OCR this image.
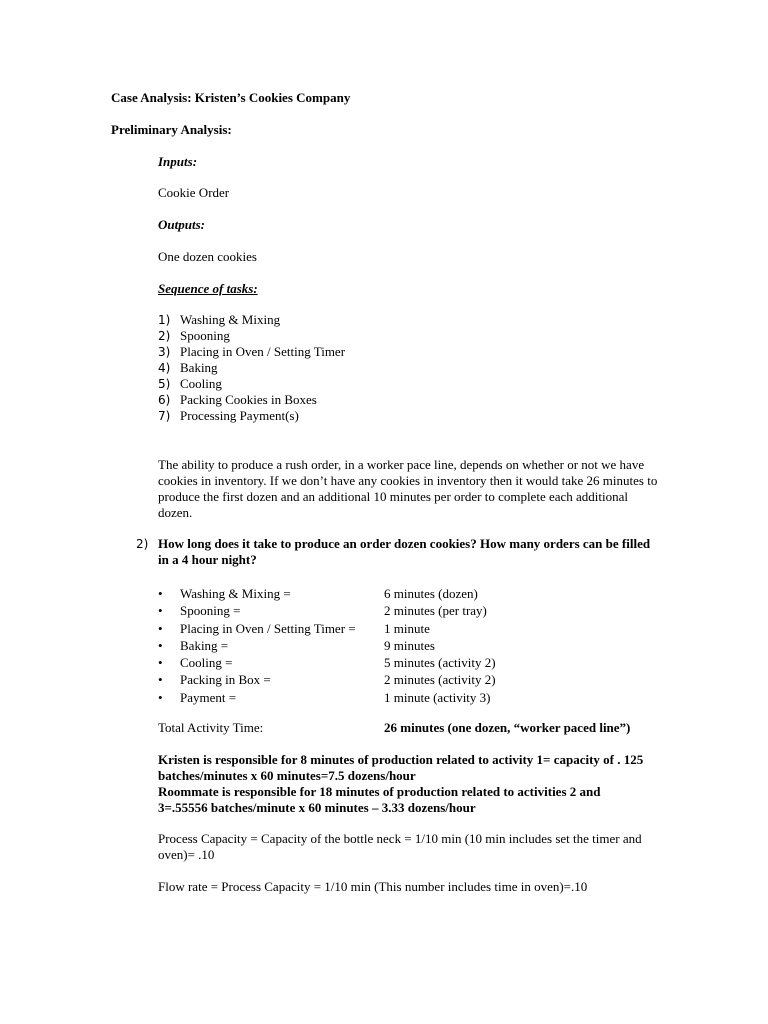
Case Analysis: Kristen’s Cookies Company
Preliminary Analysis:
Inputs:
Cookie Order
Outputs:
One dozen cookies
Sequence of tasks:
1) Washing & Mixing
2) Spooning
3) Placing in Oven / Setting Timer
4) Baking
5) Cooling
6) Packing Cookies in Boxes
7) Processing Payment(s)
The ability to produce a rush order, in a worker pace line, depends on whether or not we have cookies in inventory. If we don’t have any cookies in inventory then it would take 26 minutes to produce the first dozen and an additional 10 minutes per order to complete each additional dozen.
2) How long does it take to produce an order dozen cookies? How many orders can be filled in a 4 hour night?
• Washing & Mixing =	6 minutes (dozen)
• Spooning =	2 minutes (per tray)
• Placing in Oven / Setting Timer = 1 minute
• Baking =	9 minutes
• Cooling =	5 minutes (activity 2)
• Packing in Box =	2 minutes (activity 2)
• Payment =	1 minute (activity 3)
Total Activity Time:	26 minutes (one dozen, “worker paced line”)
Kristen is responsible for 8 minutes of production related to activity 1= capacity of . 125 batches/minutes x 60 minutes=7.5 dozens/hour
Roommate is responsible for 18 minutes of production related to activities 2 and 3=.55556 batches/minute x 60 minutes – 3.33 dozens/hour
Process Capacity = Capacity of the bottle neck = 1/10 min (10 min includes set the timer and oven)= .10
Flow rate = Process Capacity = 1/10 min (This number includes time in oven)=.10
